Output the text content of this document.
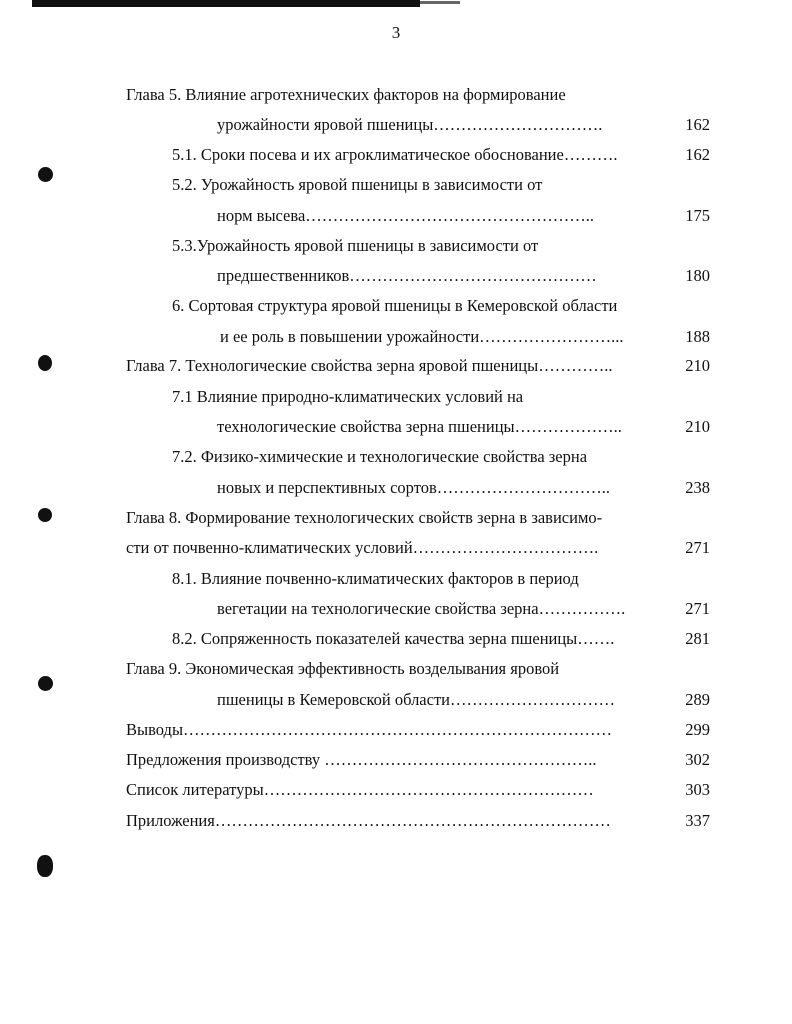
3
Глава 5. Влияние агротехнических факторов на формирование
урожайности яровой пшеницы………………………….	162
5.1. Сроки посева и их агроклиматическое обоснование……….	162
5.2. Урожайность яровой пшеницы в зависимости от
норм высева……………………………………………..	175
5.3.Урожайность яровой пшеницы в зависимости от
предшественников………………………………………	180
6. Сортовая структура яровой пшеницы в Кемеровской области
и ее роль в повышении урожайности……………………...	188
Глава 7. Технологические свойства зерна яровой пшеницы…………..	210
7.1 Влияние природно-климатических условий на
технологические свойства зерна пшеницы………………..	210
7.2. Физико-химические и технологические свойства зерна
новых и перспективных сортов…………………………..	238
Глава 8. Формирование технологических свойств зерна в зависимо-
сти от почвенно-климатических условий…………………………….	271
8.1. Влияние почвенно-климатических факторов в период
вегетации на технологические свойства зерна…………….	271
8.2. Сопряженность показателей качества зерна пшеницы…….	281
Глава 9. Экономическая эффективность возделывания яровой
пшеницы в Кемеровской области…………………………	289
Выводы……………………………………………………………………	299
Предложения производству …………………………………………..	302
Список литературы……………………………………………………	303
Приложения………………………………………………………………	337
